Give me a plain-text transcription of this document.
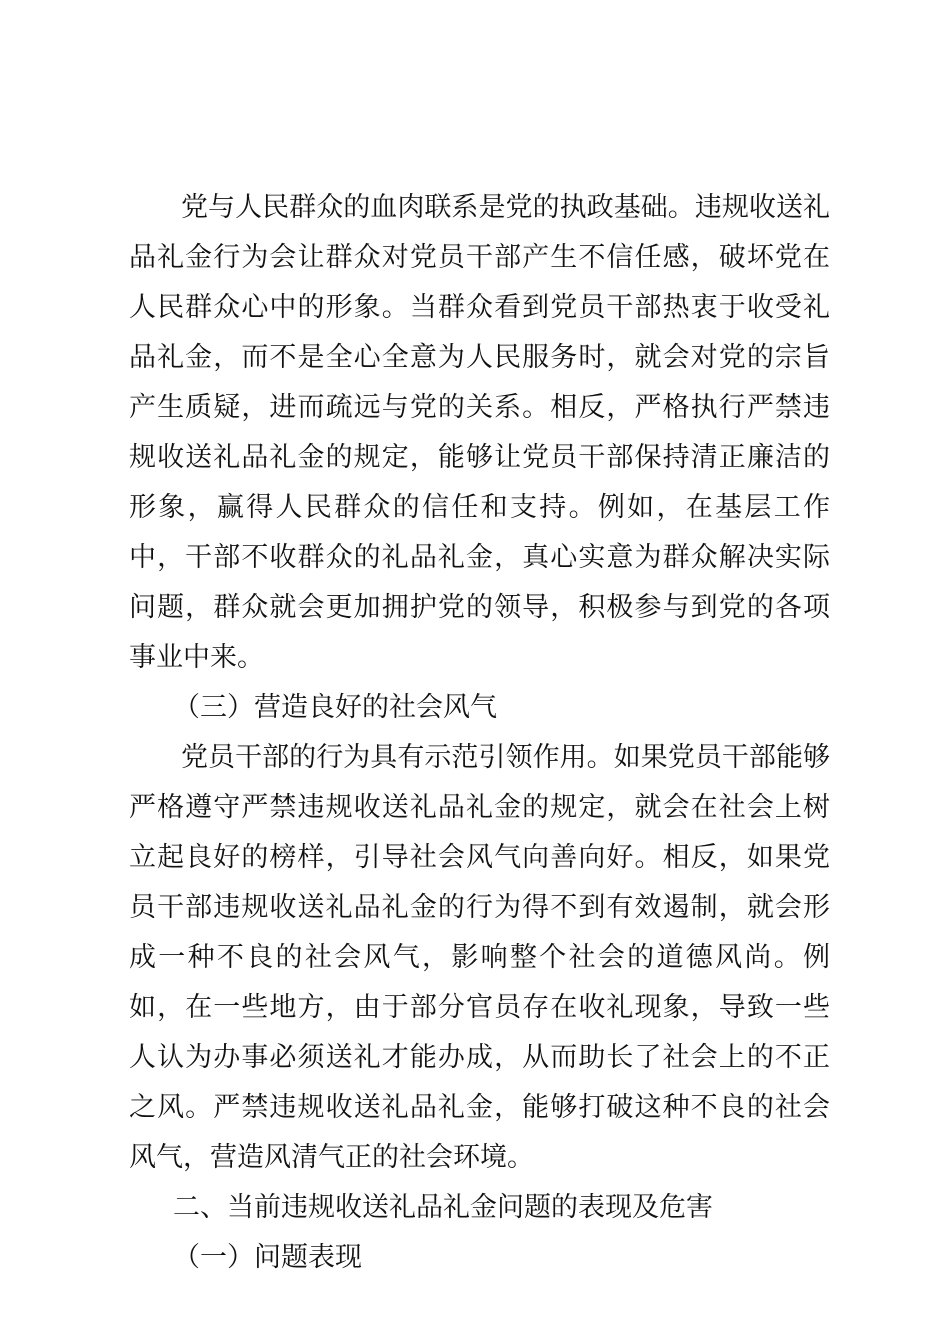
党与人民群众的血肉联系是党的执政基础。违规收送礼品礼金行为会让群众对党员干部产生不信任感，破坏党在人民群众心中的形象。当群众看到党员干部热衷于收受礼品礼金，而不是全心全意为人民服务时，就会对党的宗旨产生质疑，进而疏远与党的关系。相反，严格执行严禁违规收送礼品礼金的规定，能够让党员干部保持清正廉洁的形象，赢得人民群众的信任和支持。例如，在基层工作中，干部不收群众的礼品礼金，真心实意为群众解决实际问题，群众就会更加拥护党的领导，积极参与到党的各项事业中来。

（三）营造良好的社会风气

党员干部的行为具有示范引领作用。如果党员干部能够严格遵守严禁违规收送礼品礼金的规定，就会在社会上树立起良好的榜样，引导社会风气向善向好。相反，如果党员干部违规收送礼品礼金的行为得不到有效遏制，就会形成一种不良的社会风气，影响整个社会的道德风尚。例如，在一些地方，由于部分官员存在收礼现象，导致一些人认为办事必须送礼才能办成，从而助长了社会上的不正之风。严禁违规收送礼品礼金，能够打破这种不良的社会风气，营造风清气正的社会环境。

二、当前违规收送礼品礼金问题的表现及危害

（一）问题表现
